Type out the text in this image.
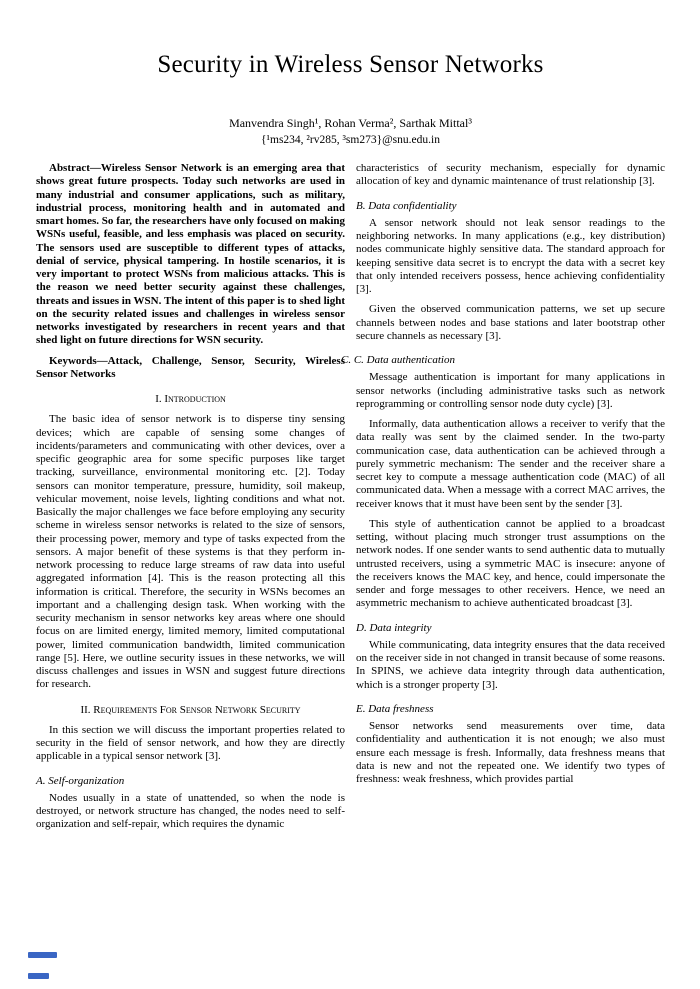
Security in Wireless Sensor Networks
Manvendra Singh¹, Rohan Verma², Sarthak Mittal³
{¹ms234, ²rv285, ³sm273}@snu.edu.in
Abstract—Wireless Sensor Network is an emerging area that shows great future prospects. Today such networks are used in many industrial and consumer applications, such as military, industrial process, monitoring health and in automated and smart homes. So far, the researchers have only focused on making WSNs useful, feasible, and less emphasis was placed on security. The sensors used are susceptible to different types of attacks, denial of service, physical tampering. In hostile scenarios, it is very important to protect WSNs from malicious attacks. This is the reason we need better security against these challenges, threats and issues in WSN. The intent of this paper is to shed light on the security related issues and challenges in wireless sensor networks investigated by researchers in recent years and that shed light on future directions for WSN security.
Keywords—Attack, Challenge, Sensor, Security, Wireless Sensor Networks
I. Introduction
The basic idea of sensor network is to disperse tiny sensing devices; which are capable of sensing some changes of incidents/parameters and communicating with other devices, over a specific geographic area for some specific purposes like target tracking, surveillance, environmental monitoring etc. [2]. Today sensors can monitor temperature, pressure, humidity, soil makeup, vehicular movement, noise levels, lighting conditions and what not. Basically the major challenges we face before employing any security scheme in wireless sensor networks is related to the size of sensors, their processing power, memory and type of tasks expected from the sensors. A major benefit of these systems is that they perform in-network processing to reduce large streams of raw data into useful aggregated information [4]. This is the reason protecting all this information is critical. Therefore, the security in WSNs becomes an important and a challenging design task. When working with the security mechanism in sensor networks key areas where one should focus on are limited energy, limited memory, limited computational power, limited communication bandwidth, limited communication range [5]. Here, we outline security issues in these networks, we will discuss challenges and issues in WSN and suggest future directions for research.
II. Requirements For Sensor Network Security
In this section we will discuss the important properties related to security in the field of sensor network, and how they are directly applicable in a typical sensor network [3].
A. Self-organization
Nodes usually in a state of unattended, so when the node is destroyed, or network structure has changed, the nodes need to self-organization and self-repair, which requires the dynamic
characteristics of security mechanism, especially for dynamic allocation of key and dynamic maintenance of trust relationship [3].
B. Data confidentiality
A sensor network should not leak sensor readings to the neighboring networks. In many applications (e.g., key distribution) nodes communicate highly sensitive data. The standard approach for keeping sensitive data secret is to encrypt the data with a secret key that only intended receivers possess, hence achieving confidentiality [3].
Given the observed communication patterns, we set up secure channels between nodes and base stations and later bootstrap other secure channels as necessary [3].
C. C. Data authentication
Message authentication is important for many applications in sensor networks (including administrative tasks such as network reprogramming or controlling sensor node duty cycle) [3].
Informally, data authentication allows a receiver to verify that the data really was sent by the claimed sender. In the two-party communication case, data authentication can be achieved through a purely symmetric mechanism: The sender and the receiver share a secret key to compute a message authentication code (MAC) of all communicated data. When a message with a correct MAC arrives, the receiver knows that it must have been sent by the sender [3].
This style of authentication cannot be applied to a broadcast setting, without placing much stronger trust assumptions on the network nodes. If one sender wants to send authentic data to mutually untrusted receivers, using a symmetric MAC is insecure: anyone of the receivers knows the MAC key, and hence, could impersonate the sender and forge messages to other receivers. Hence, we need an asymmetric mechanism to achieve authenticated broadcast [3].
D. Data integrity
While communicating, data integrity ensures that the data received on the receiver side in not changed in transit because of some reasons. In SPINS, we achieve data integrity through data authentication, which is a stronger property [3].
E. Data freshness
Sensor networks send measurements over time, data confidentiality and authentication it is not enough; we also must ensure each message is fresh. Informally, data freshness means that data is new and not the repeated one. We identify two types of freshness: weak freshness, which provides partial
